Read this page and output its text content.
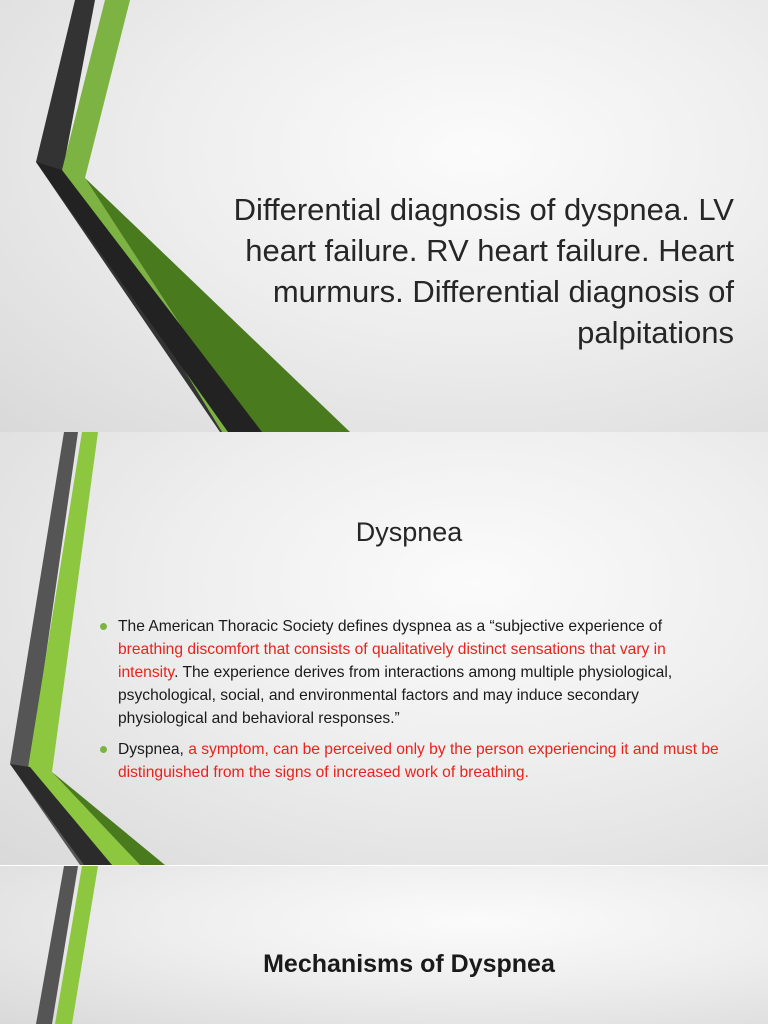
Differential diagnosis of dyspnea. LV heart failure. RV heart failure. Heart murmurs. Differential diagnosis of palpitations
Dyspnea
The American Thoracic Society defines dyspnea as a “subjective experience of breathing discomfort that consists of qualitatively distinct sensations that vary in intensity. The experience derives from interactions among multiple physiological, psychological, social, and environmental factors and may induce secondary physiological and behavioral responses.”
Dyspnea, a symptom, can be perceived only by the person experiencing it and must be distinguished from the signs of increased work of breathing.
Mechanisms of Dyspnea
